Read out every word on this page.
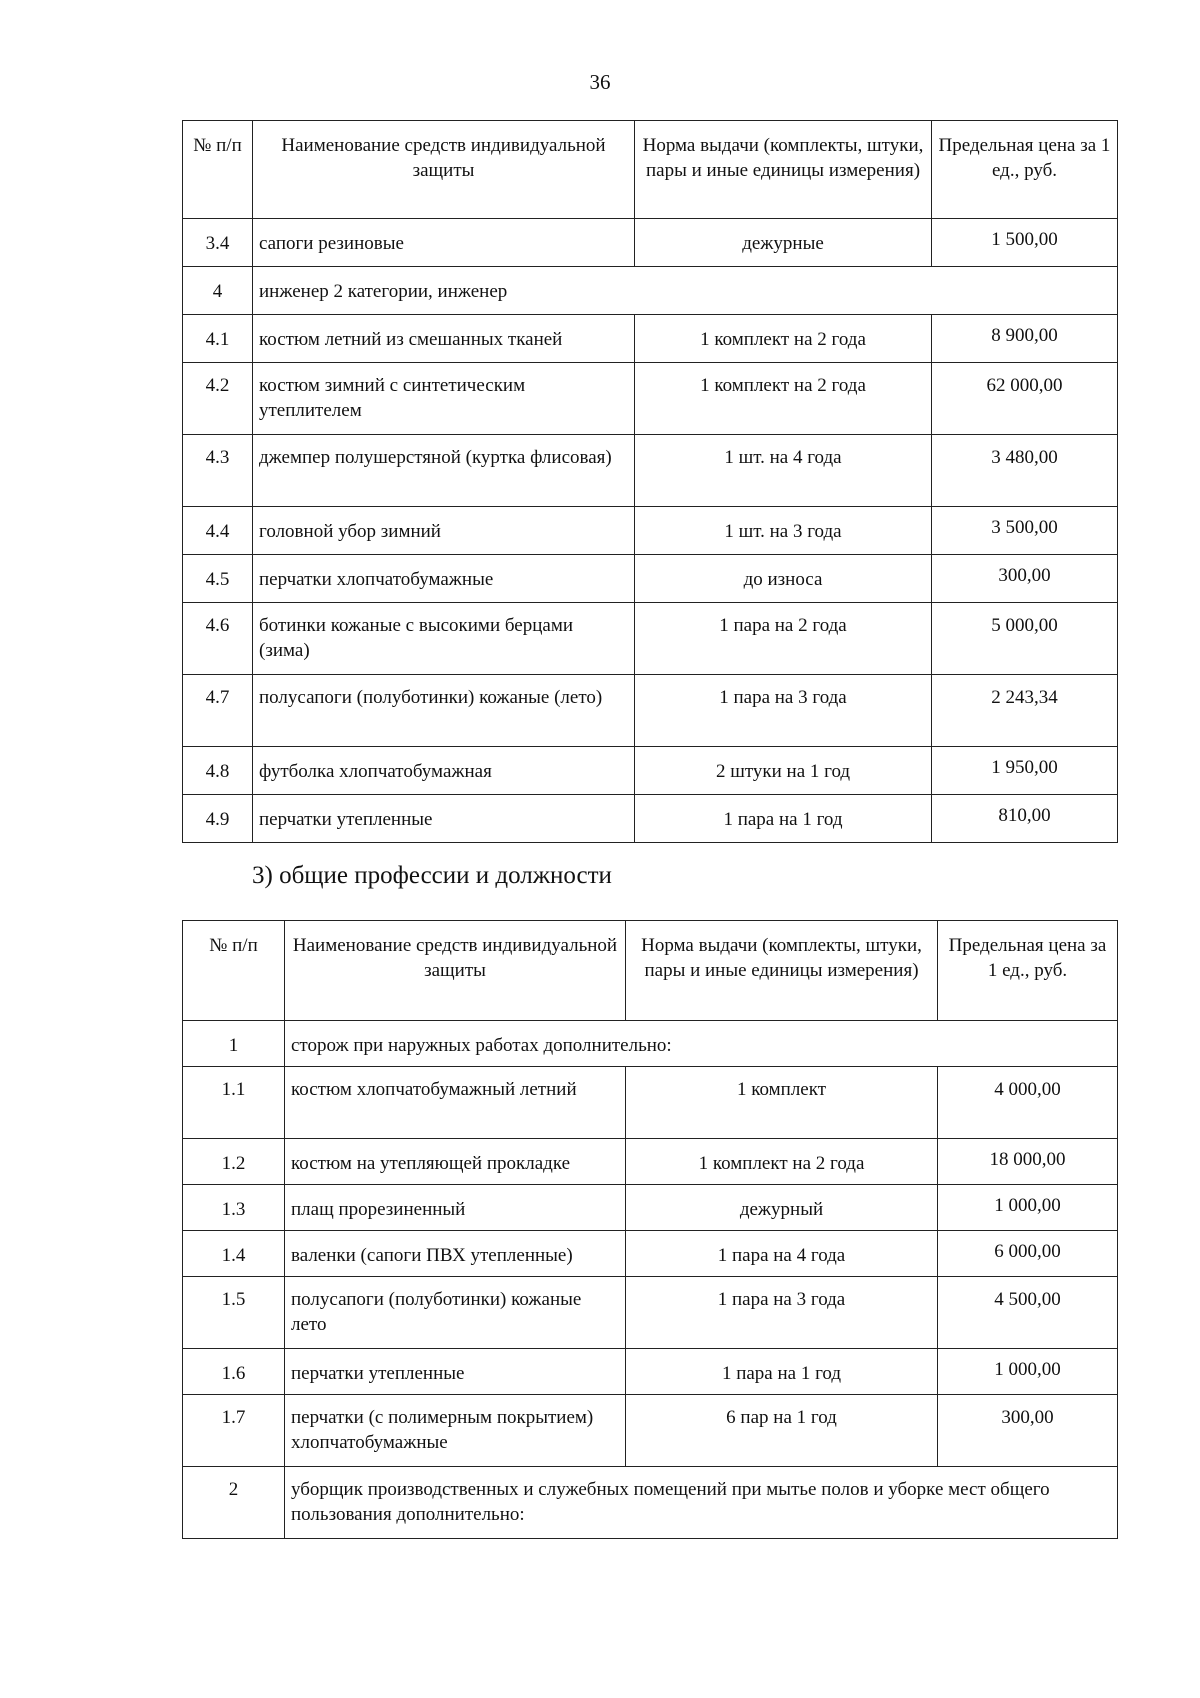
36
№ п/п	Наименование средств индивидуальной защиты	Норма выдачи (комплекты, штуки, пары и иные единицы измерения)	Предельная цена за 1 ед., руб.
3.4	сапоги резиновые	дежурные	1 500,00
4	инженер 2 категории, инженер		
4.1	костюм летний из смешанных тканей	1 комплект на 2 года	8 900,00
4.2	костюм зимний с синтетическим утеплителем	1 комплект на 2 года	62 000,00
4.3	джемпер полушерстяной (куртка флисовая)	1 шт. на 4 года	3 480,00
4.4	головной убор зимний	1 шт. на 3 года	3 500,00
4.5	перчатки хлопчатобумажные	до износа	300,00
4.6	ботинки кожаные с высокими берцами (зима)	1 пара на 2 года	5 000,00
4.7	полусапоги (полуботинки) кожаные (лето)	1 пара на 3 года	2 243,34
4.8	футболка хлопчатобумажная	2 штуки на 1 год	1 950,00
4.9	перчатки утепленные	1 пара на 1 год	810,00
3) общие профессии и должности
№ п/п	Наименование средств индивидуальной защиты	Норма выдачи (комплекты, штуки, пары и иные единицы измерения)	Предельная цена за 1 ед., руб.
1	сторож при наружных работах дополнительно:		
1.1	костюм хлопчатобумажный летний	1 комплект	4 000,00
1.2	костюм на утепляющей прокладке	1 комплект на 2 года	18 000,00
1.3	плащ прорезиненный	дежурный	1 000,00
1.4	валенки (сапоги ПВХ утепленные)	1 пара на 4 года	6 000,00
1.5	полусапоги (полуботинки) кожаные лето	1 пара на 3 года	4 500,00
1.6	перчатки утепленные	1 пара на 1 год	1 000,00
1.7	перчатки (с полимерным покрытием) хлопчатобумажные	6 пар на 1 год	300,00
2	уборщик производственных и служебных помещений при мытье полов и уборке мест общего пользования дополнительно:		
